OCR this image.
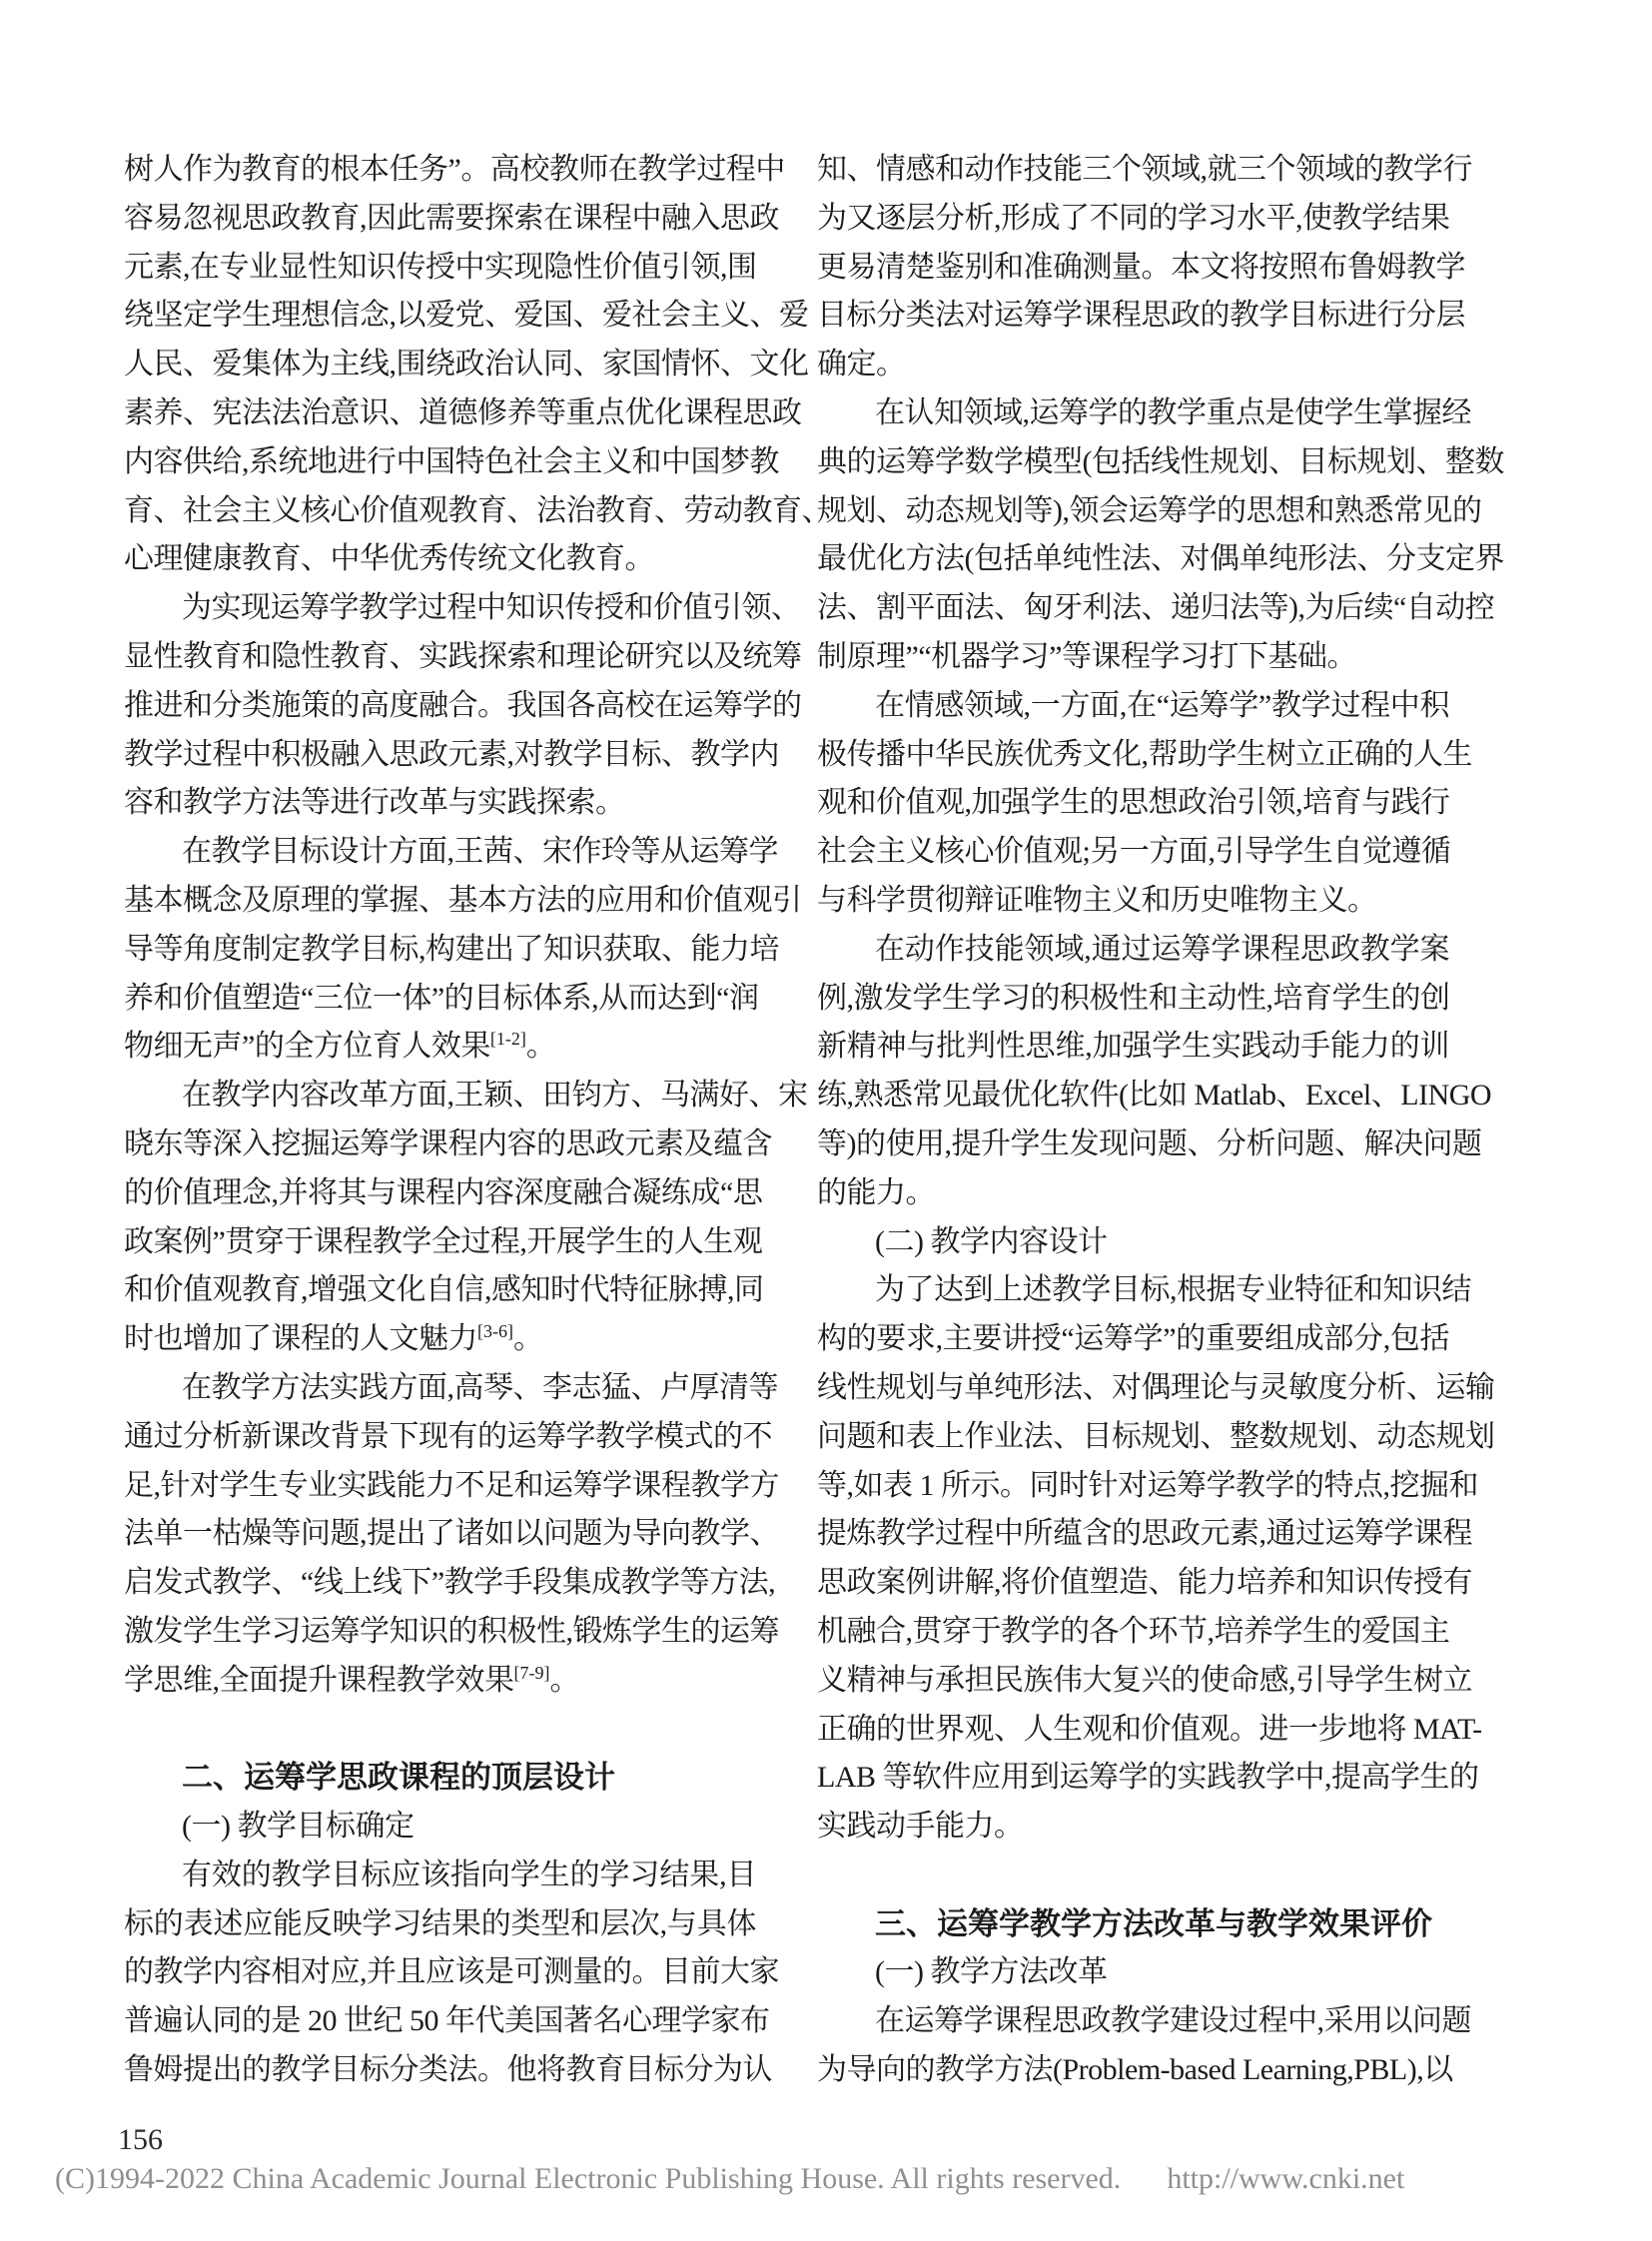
树人作为教育的根本任务”。高校教师在教学过程中
容易忽视思政教育,因此需要探索在课程中融入思政
元素,在专业显性知识传授中实现隐性价值引领,围
绕坚定学生理想信念,以爱党、爱国、爱社会主义、爱
人民、爱集体为主线,围绕政治认同、家国情怀、文化
素养、宪法法治意识、道德修养等重点优化课程思政
内容供给,系统地进行中国特色社会主义和中国梦教
育、社会主义核心价值观教育、法治教育、劳动教育、
心理健康教育、中华优秀传统文化教育。
为实现运筹学教学过程中知识传授和价值引领、
显性教育和隐性教育、实践探索和理论研究以及统筹
推进和分类施策的高度融合。我国各高校在运筹学的
教学过程中积极融入思政元素,对教学目标、教学内
容和教学方法等进行改革与实践探索。
在教学目标设计方面,王茜、宋作玲等从运筹学
基本概念及原理的掌握、基本方法的应用和价值观引
导等角度制定教学目标,构建出了知识获取、能力培
养和价值塑造“三位一体”的目标体系,从而达到“润
物细无声”的全方位育人效果[1-2]。
在教学内容改革方面,王颖、田钧方、马满好、宋
晓东等深入挖掘运筹学课程内容的思政元素及蕴含
的价值理念,并将其与课程内容深度融合凝练成“思
政案例”贯穿于课程教学全过程,开展学生的人生观
和价值观教育,增强文化自信,感知时代特征脉搏,同
时也增加了课程的人文魅力[3-6]。
在教学方法实践方面,高琴、李志猛、卢厚清等
通过分析新课改背景下现有的运筹学教学模式的不
足,针对学生专业实践能力不足和运筹学课程教学方
法单一枯燥等问题,提出了诸如以问题为导向教学、
启发式教学、“线上线下”教学手段集成教学等方法,
激发学生学习运筹学知识的积极性,锻炼学生的运筹
学思维,全面提升课程教学效果[7-9]。
二、运筹学思政课程的顶层设计
(一) 教学目标确定
有效的教学目标应该指向学生的学习结果,目
标的表述应能反映学习结果的类型和层次,与具体
的教学内容相对应,并且应该是可测量的。目前大家
普遍认同的是 20 世纪 50 年代美国著名心理学家布
鲁姆提出的教学目标分类法。他将教育目标分为认
知、情感和动作技能三个领域,就三个领域的教学行
为又逐层分析,形成了不同的学习水平,使教学结果
更易清楚鉴别和准确测量。本文将按照布鲁姆教学
目标分类法对运筹学课程思政的教学目标进行分层
确定。
在认知领域,运筹学的教学重点是使学生掌握经
典的运筹学数学模型(包括线性规划、目标规划、整数
规划、动态规划等),领会运筹学的思想和熟悉常见的
最优化方法(包括单纯性法、对偶单纯形法、分支定界
法、割平面法、匈牙利法、递归法等),为后续“自动控
制原理”“机器学习”等课程学习打下基础。
在情感领域,一方面,在“运筹学”教学过程中积
极传播中华民族优秀文化,帮助学生树立正确的人生
观和价值观,加强学生的思想政治引领,培育与践行
社会主义核心价值观;另一方面,引导学生自觉遵循
与科学贯彻辩证唯物主义和历史唯物主义。
在动作技能领域,通过运筹学课程思政教学案
例,激发学生学习的积极性和主动性,培育学生的创
新精神与批判性思维,加强学生实践动手能力的训
练,熟悉常见最优化软件(比如 Matlab、Excel、LINGO
等)的使用,提升学生发现问题、分析问题、解决问题
的能力。
(二) 教学内容设计
为了达到上述教学目标,根据专业特征和知识结
构的要求,主要讲授“运筹学”的重要组成部分,包括
线性规划与单纯形法、对偶理论与灵敏度分析、运输
问题和表上作业法、目标规划、整数规划、动态规划
等,如表 1 所示。同时针对运筹学教学的特点,挖掘和
提炼教学过程中所蕴含的思政元素,通过运筹学课程
思政案例讲解,将价值塑造、能力培养和知识传授有
机融合,贯穿于教学的各个环节,培养学生的爱国主
义精神与承担民族伟大复兴的使命感,引导学生树立
正确的世界观、人生观和价值观。进一步地将 MAT-
LAB 等软件应用到运筹学的实践教学中,提高学生的
实践动手能力。
三、运筹学教学方法改革与教学效果评价
(一) 教学方法改革
在运筹学课程思政教学建设过程中,采用以问题
为导向的教学方法(Problem-based Learning,PBL),以
156
(C)1994-2022 China Academic Journal Electronic Publishing House. All rights reserved. http://www.cnki.net
